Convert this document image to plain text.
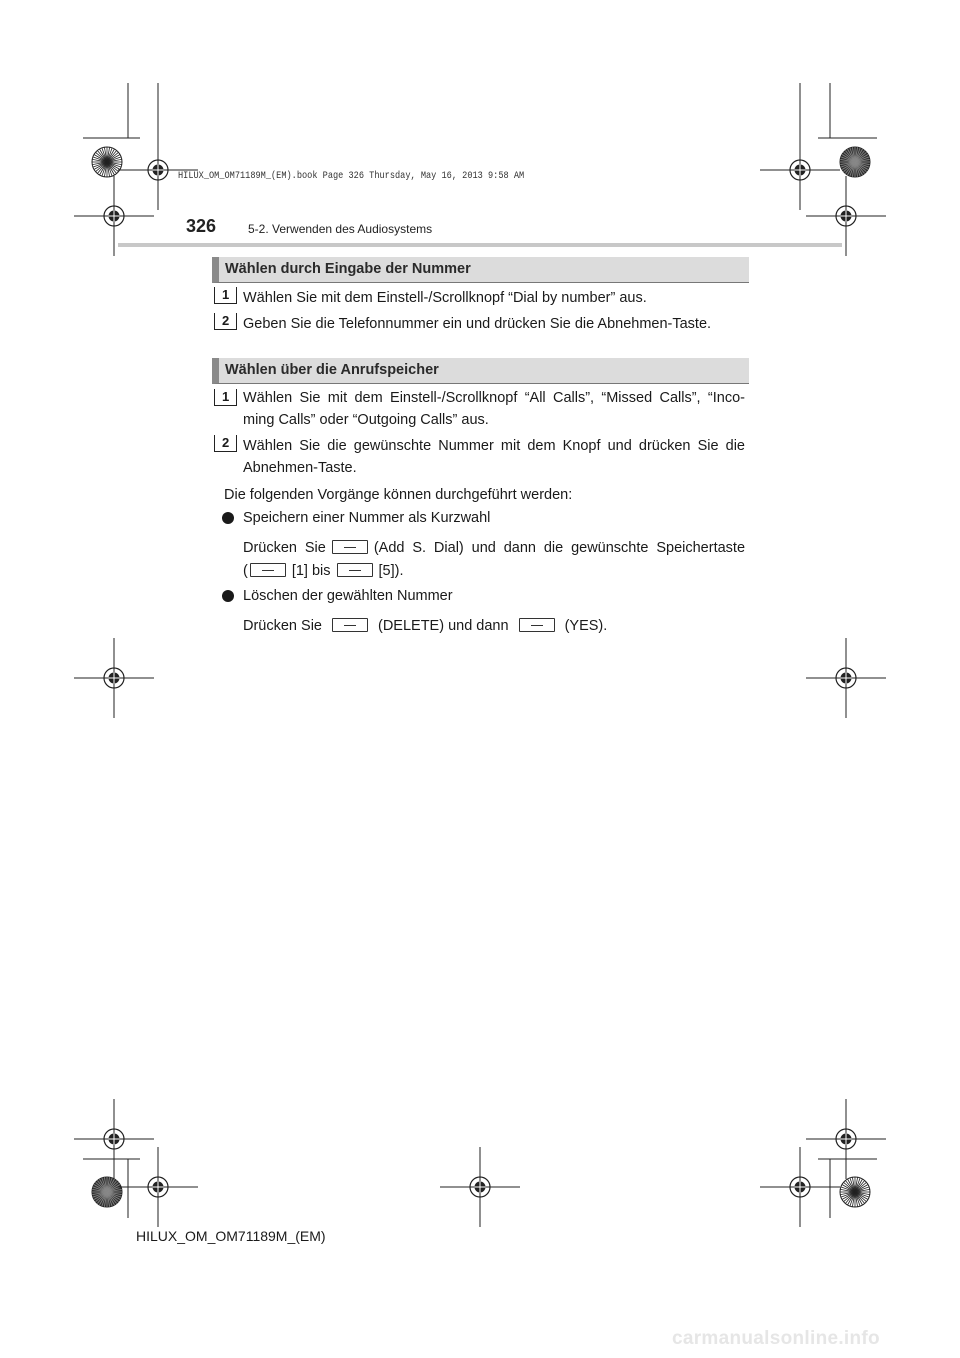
HILUX_OM_OM71189M_(EM).book Page 326 Thursday, May 16, 2013 9:58 AM
326	5-2. Verwenden des Audiosystems
Wählen durch Eingabe der Nummer
1 Wählen Sie mit dem Einstell-/Scrollknopf “Dial by number” aus.
2 Geben Sie die Telefonnummer ein und drücken Sie die Abnehmen-Taste.
Wählen über die Anrufspeicher
1 Wählen Sie mit dem Einstell-/Scrollknopf “All Calls”, “Missed Calls”, “Inco-
ming Calls” oder “Outgoing Calls” aus.
2 Wählen Sie die gewünschte Nummer mit dem Knopf und drücken Sie die
Abnehmen-Taste.
Die folgenden Vorgänge können durchgeführt werden:
Speichern einer Nummer als Kurzwahl
Drücken Sie	(Add S. Dial) und dann die gewünschte Speichertaste
(	[1] bis	[5]).
Löschen der gewählten Nummer
Drücken Sie	(DELETE) und dann	(YES).
HILUX_OM_OM71189M_(EM)
carmanualsonline.info
